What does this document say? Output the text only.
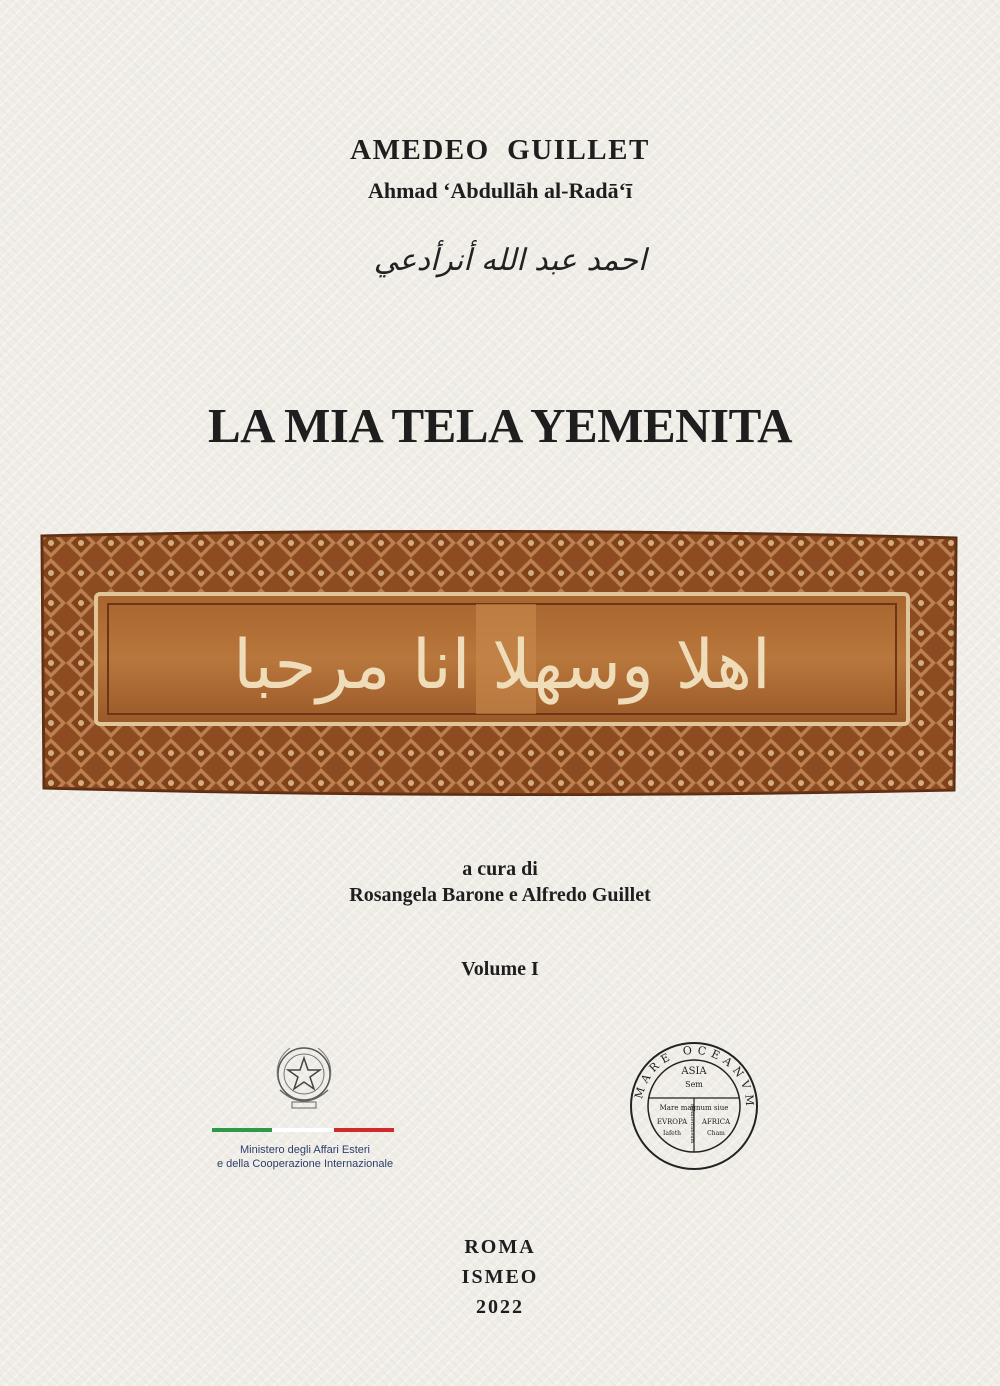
AMEDEO  GUILLET
Ahmad ‘Abdullāh al-Radā‘ī
احمد عبد الله أنرأدعي
LA MIA TELA YEMENITA
اهلا وسهلا انا مرحبا
a cura di
Rosangela Barone e Alfredo Guillet
Volume I
Ministero degli Affari Esteri
e della Cooperazione Internazionale
MARE OCEANVM
ASIA
Sem
Mare magnum siue
EVROPA
Iafeth
AFRICA
Cham
mediterraneum
ROMA
ISMEO
2022
